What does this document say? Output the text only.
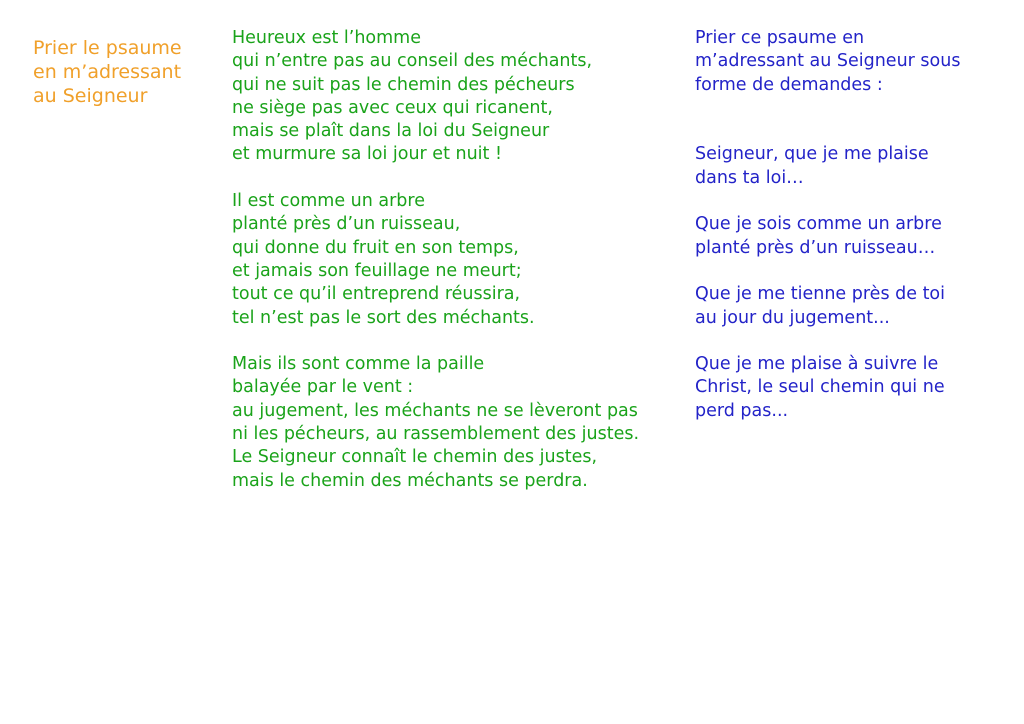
Prier le psaume
en m’adressant
au Seigneur
Heureux est l’homme
qui n’entre pas au conseil des méchants,
qui ne suit pas le chemin des pécheurs
ne siège pas avec ceux qui ricanent,
mais se plaît dans la loi du Seigneur
et murmure sa loi jour et nuit !
Il est comme un arbre
planté près d’un ruisseau,
qui donne du fruit en son temps,
et jamais son feuillage ne meurt;
tout ce qu’il entreprend réussira,
tel n’est pas le sort des méchants.
Mais ils sont comme la paille
balayée par le vent :
au jugement, les méchants ne se lèveront pas
ni les pécheurs, au rassemblement des justes.
Le Seigneur connaît le chemin des justes,
mais le chemin des méchants se perdra.
Prier ce psaume en
m’adressant au Seigneur sous
forme de demandes :
Seigneur, que je me plaise
dans ta loi…
Que je sois comme un arbre
planté près d’un ruisseau…
Que je me tienne près de toi
au jour du jugement...
Que je me plaise à suivre le
Christ, le seul chemin qui ne
perd pas...
